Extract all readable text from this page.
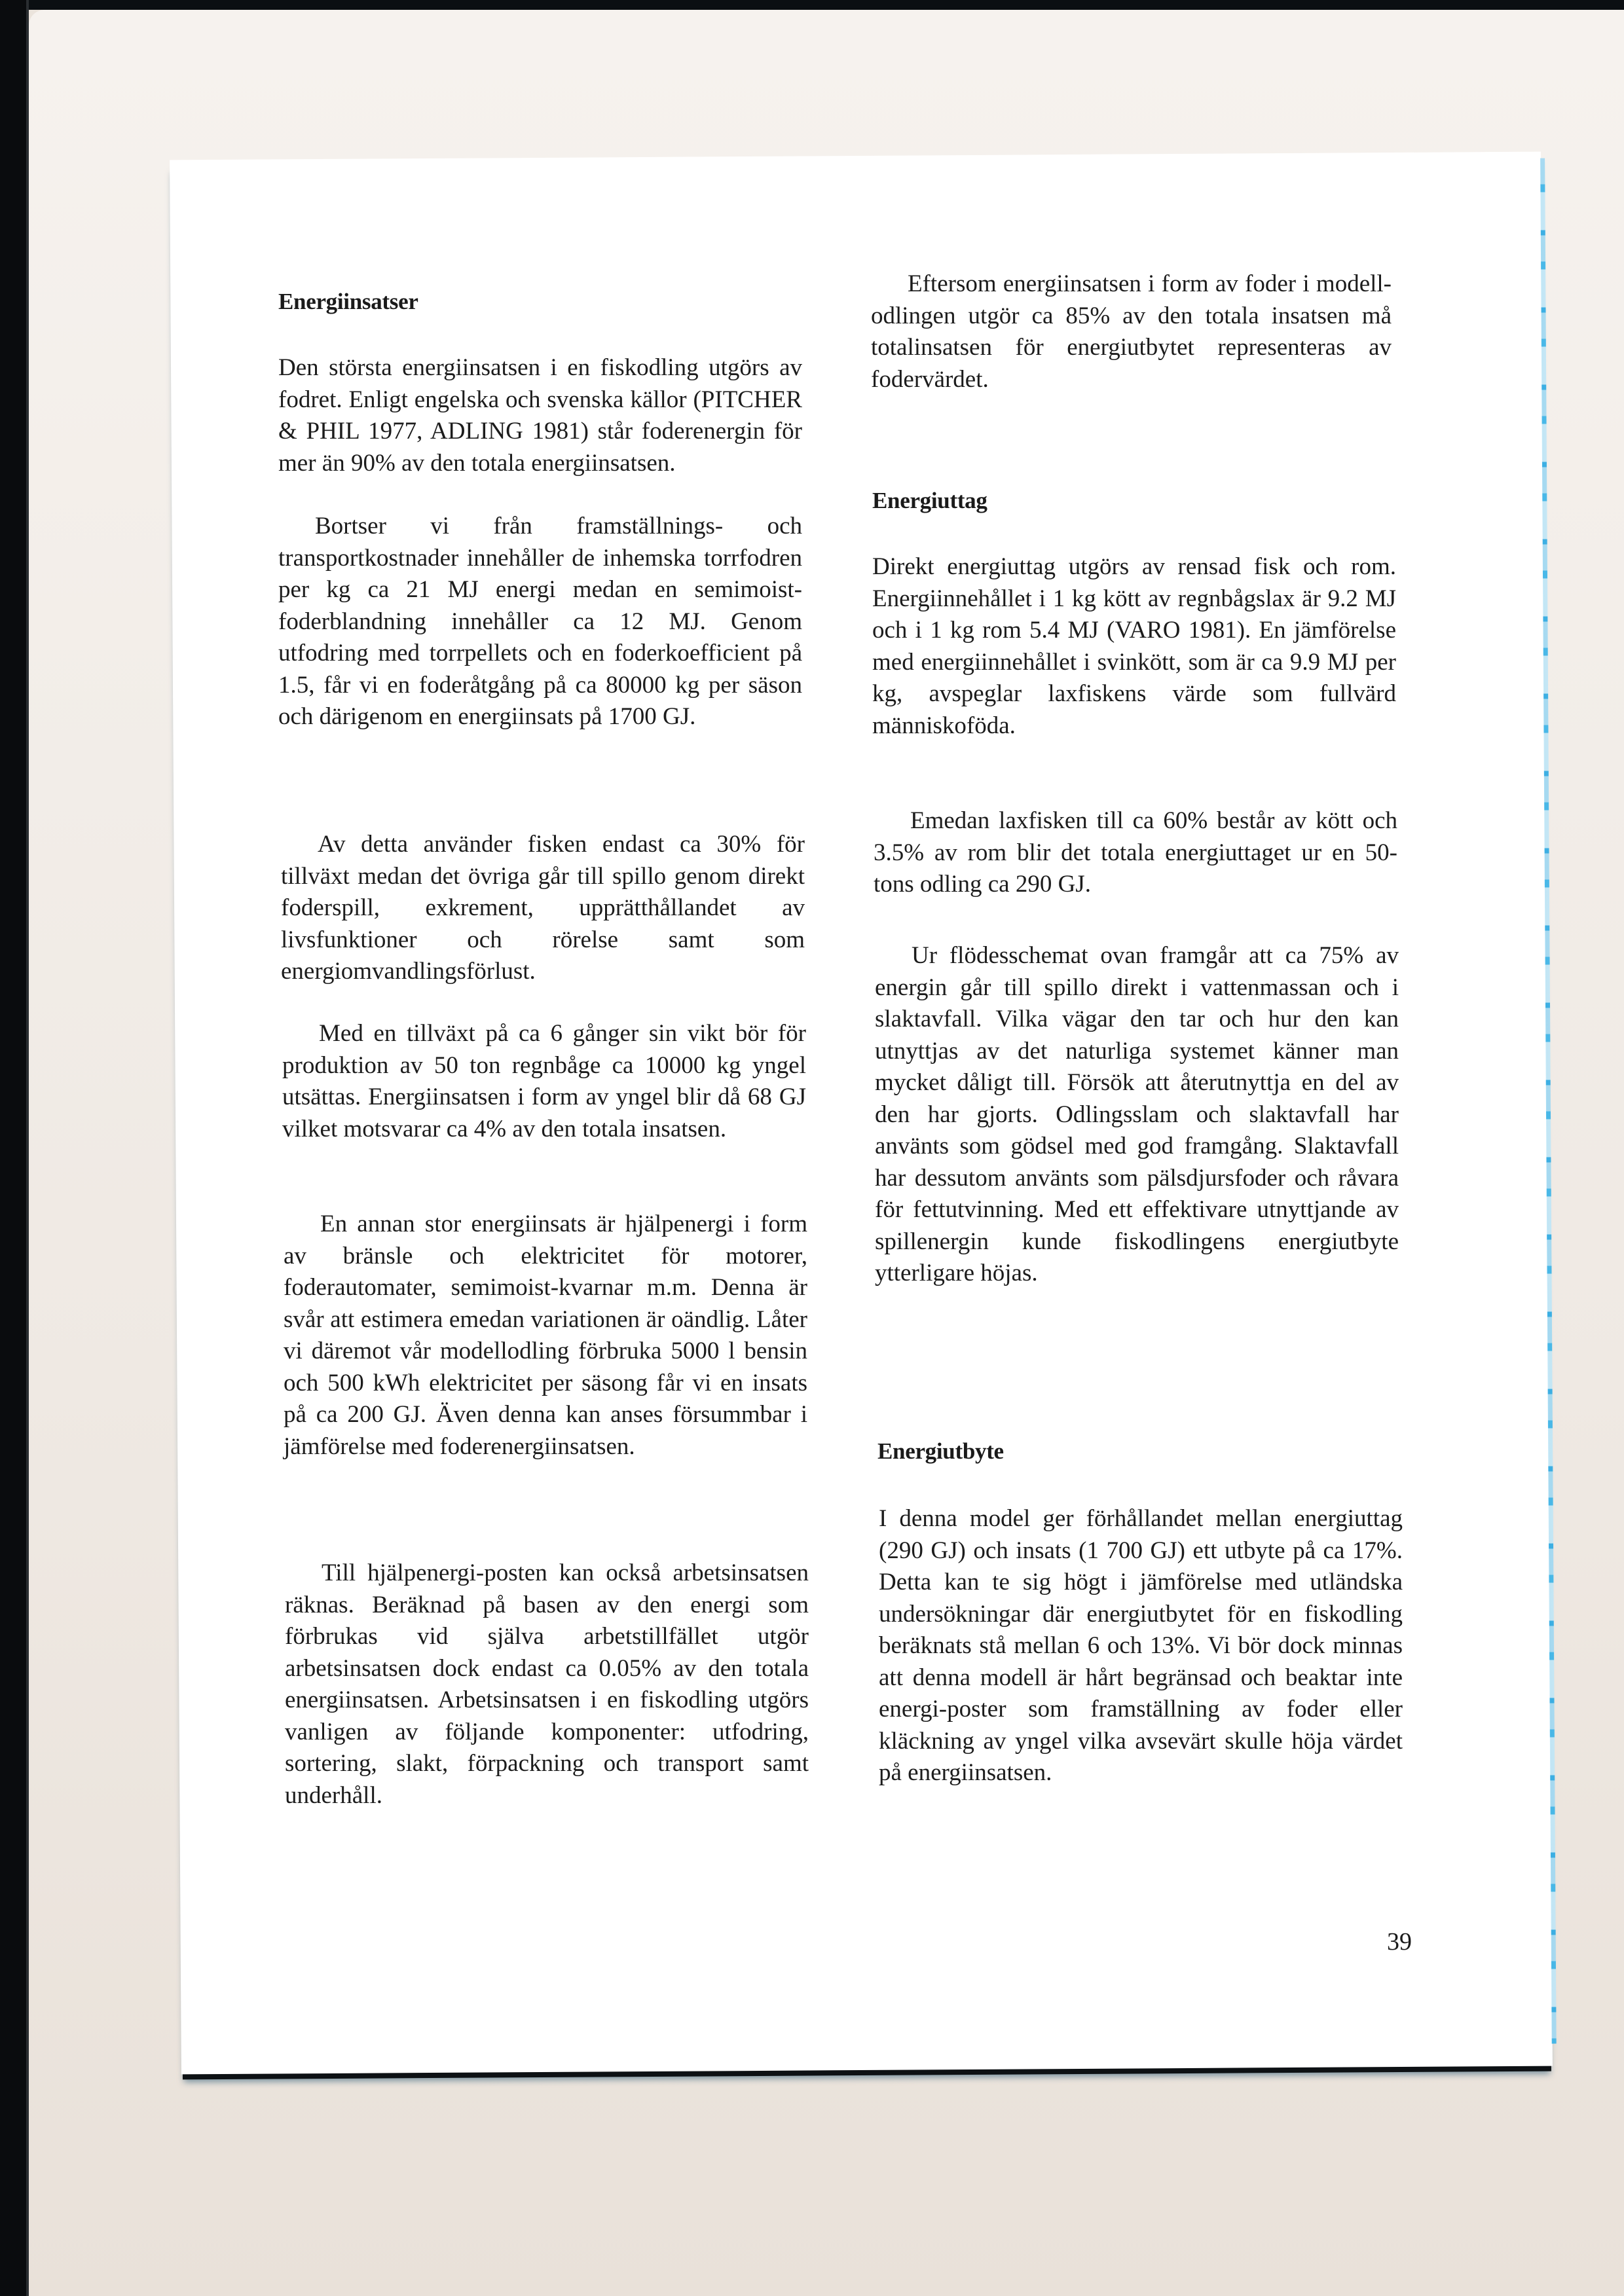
Energiinsatser

Den största energiinsatsen i en fiskodling utgörs av fodret. Enligt engelska och svenska källor (PITCHER & PHIL 1977, ADLING 1981) står foderenergin för mer än 90% av den totala energiinsatsen.

Bortser vi från framställnings- och transportkostnader innehåller de inhemska torrfodren per kg ca 21 MJ energi medan en semimoist-foderblandning innehåller ca 12 MJ. Genom utfodring med torrpellets och en foderkoefficient på 1.5, får vi en foderåtgång på ca 80000 kg per säson och därigenom en energiinsats på 1700 GJ.

Av detta använder fisken endast ca 30% för tillväxt medan det övriga går till spillo genom direkt foderspill, exkrement, upprätthållandet av livsfunktioner och rörelse samt som energiomvandlingsförlust.

Med en tillväxt på ca 6 gånger sin vikt bör för produktion av 50 ton regnbåge ca 10000 kg yngel utsättas. Energiinsatsen i form av yngel blir då 68 GJ vilket motsvarar ca 4% av den totala insatsen.

En annan stor energiinsats är hjälpenergi i form av bränsle och elektricitet för motorer, foderautomater, semimoist-kvarnar m.m. Denna är svår att estimera emedan variationen är oändlig. Låter vi däremot vår modellodling förbruka 5000 l bensin och 500 kWh elektricitet per säsong får vi en insats på ca 200 GJ. Även denna kan anses försummbar i jämförelse med foderenergiinsatsen.

Till hjälpenergi-posten kan också arbetsinsatsen räknas. Beräknad på basen av den energi som förbrukas vid själva arbetstillfället utgör arbetsinsatsen dock endast ca 0.05% av den totala energiinsatsen. Arbetsinsatsen i en fiskodling utgörs vanligen av följande komponenter: utfodring, sortering, slakt, förpackning och transport samt underhåll.

Eftersom energiinsatsen i form av foder i modell-odlingen utgör ca 85% av den totala insatsen må totalinsatsen för energiutbytet representeras av fodervärdet.

Energiuttag

Direkt energiuttag utgörs av rensad fisk och rom. Energiinnehållet i 1 kg kött av regnbågslax är 9.2 MJ och i 1 kg rom 5.4 MJ (VARO 1981). En jämförelse med energiinnehållet i svinkött, som är ca 9.9 MJ per kg, avspeglar laxfiskens värde som fullvärd människoföda.

Emedan laxfisken till ca 60% består av kött och 3.5% av rom blir det totala energiuttaget ur en 50-tons odling ca 290 GJ.

Ur flödesschemat ovan framgår att ca 75% av energin går till spillo direkt i vattenmassan och i slaktavfall. Vilka vägar den tar och hur den kan utnyttjas av det naturliga systemet känner man mycket dåligt till. Försök att återutnyttja en del av den har gjorts. Odlingsslam och slaktavfall har använts som gödsel med god framgång. Slaktavfall har dessutom använts som pälsdjursfoder och råvara för fettutvinning. Med ett effektivare utnyttjande av spillenergin kunde fiskodlingens energiutbyte ytterligare höjas.

Energiutbyte

I denna model ger förhållandet mellan energiuttag (290 GJ) och insats (1 700 GJ) ett utbyte på ca 17%. Detta kan te sig högt i jämförelse med utländska undersökningar där energiutbytet för en fiskodling beräknats stå mellan 6 och 13%. Vi bör dock minnas att denna modell är hårt begränsad och beaktar inte energi-poster som framställning av foder eller kläckning av yngel vilka avsevärt skulle höja värdet på energiinsatsen.

39
